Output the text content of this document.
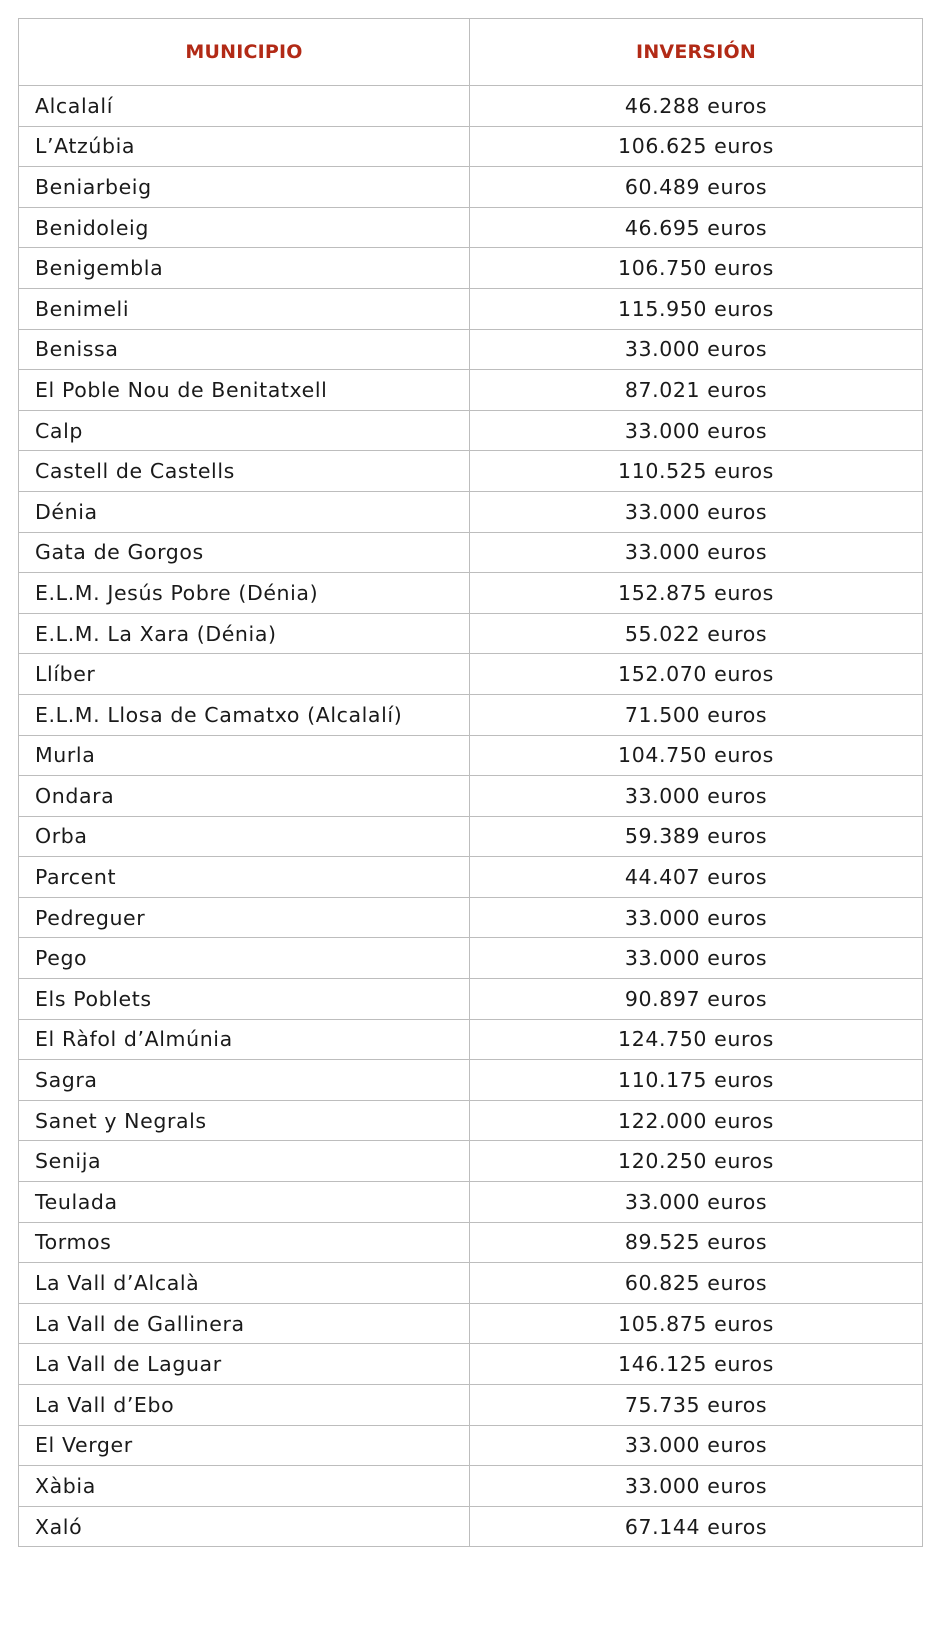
MUNICIPIO	INVERSIÓN
Alcalalí	46.288 euros
L’Atzúbia	106.625 euros
Beniarbeig	60.489 euros
Benidoleig	46.695 euros
Benigembla	106.750 euros
Benimeli	115.950 euros
Benissa	33.000 euros
El Poble Nou de Benitatxell	87.021 euros
Calp	33.000 euros
Castell de Castells	110.525 euros
Dénia	33.000 euros
Gata de Gorgos	33.000 euros
E.L.M. Jesús Pobre (Dénia)	152.875 euros
E.L.M. La Xara (Dénia)	55.022 euros
Llíber	152.070 euros
E.L.M. Llosa de Camatxo (Alcalalí)	71.500 euros
Murla	104.750 euros
Ondara	33.000 euros
Orba	59.389 euros
Parcent	44.407 euros
Pedreguer	33.000 euros
Pego	33.000 euros
Els Poblets	90.897 euros
El Ràfol d’Almúnia	124.750 euros
Sagra	110.175 euros
Sanet y Negrals	122.000 euros
Senija	120.250 euros
Teulada	33.000 euros
Tormos	89.525 euros
La Vall d’Alcalà	60.825 euros
La Vall de Gallinera	105.875 euros
La Vall de Laguar	146.125 euros
La Vall d’Ebo	75.735 euros
El Verger	33.000 euros
Xàbia	33.000 euros
Xaló	67.144 euros
